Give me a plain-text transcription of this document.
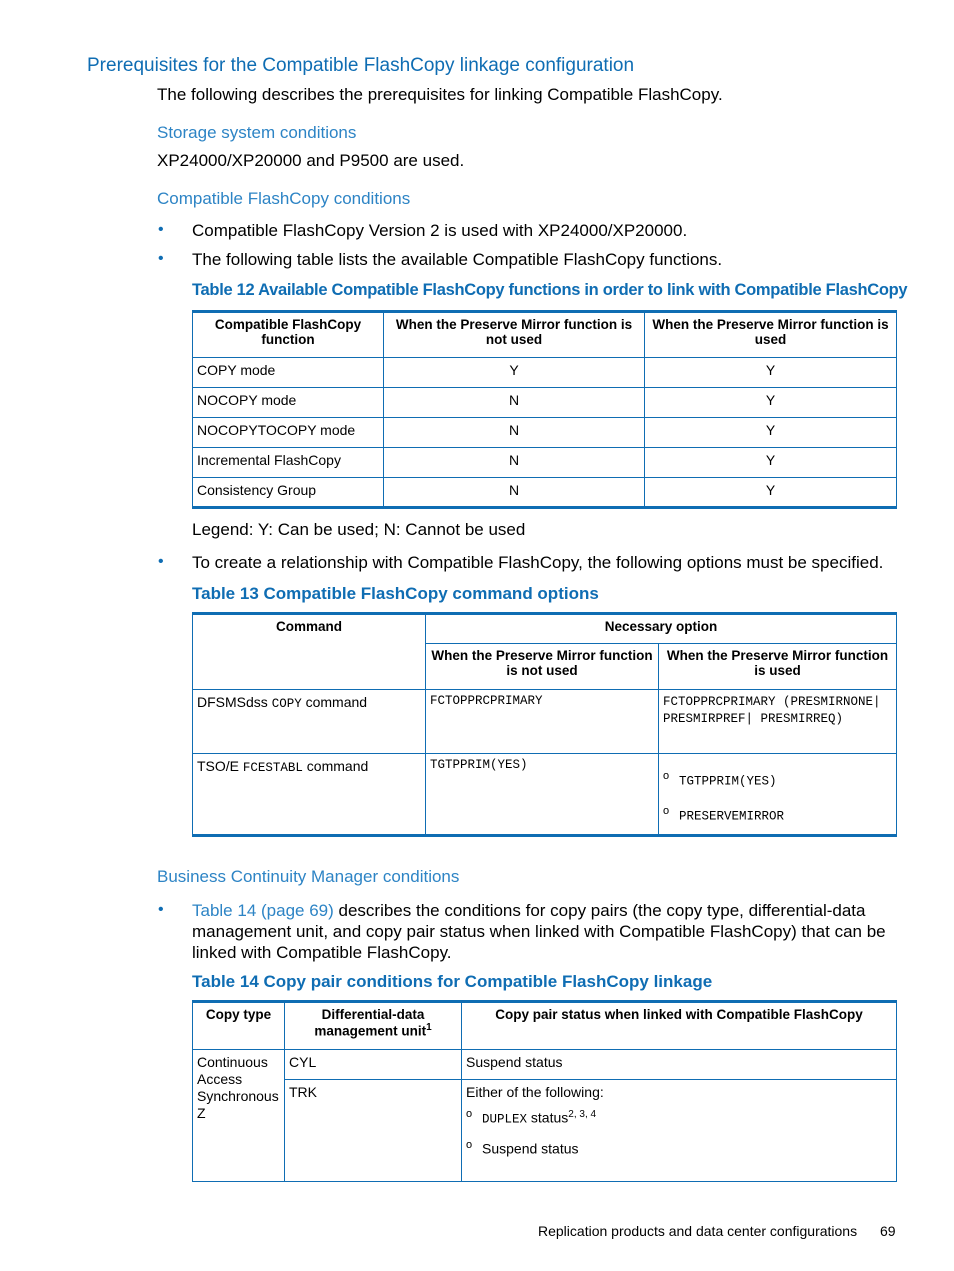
Prerequisites for the Compatible FlashCopy linkage configuration
The following describes the prerequisites for linking Compatible FlashCopy.
Storage system conditions
XP24000/XP20000 and P9500 are used.
Compatible FlashCopy conditions
• Compatible FlashCopy Version 2 is used with XP24000/XP20000.
• The following table lists the available Compatible FlashCopy functions.
Table 12 Available Compatible FlashCopy functions in order to link with Compatible FlashCopy
Compatible FlashCopy function	When the Preserve Mirror function is not used	When the Preserve Mirror function is used
COPY mode	Y	Y
NOCOPY mode	N	Y
NOCOPYTOCOPY mode	N	Y
Incremental FlashCopy	N	Y
Consistency Group	N	Y
Legend: Y: Can be used; N: Cannot be used
• To create a relationship with Compatible FlashCopy, the following options must be specified.
Table 13 Compatible FlashCopy command options
Command	Necessary option	
	When the Preserve Mirror function is not used	When the Preserve Mirror function is used
DFSMSdss COPY command	FCTOPPRCPRIMARY	FCTOPPRCPRIMARY (PRESMIRNONE| PRESMIRPREF| PRESMIRREQ)
TSO/E FCESTABL command	TGTPPRIM(YES)	o TGTPPRIM(YES)
o PRESERVEMIRROR
Business Continuity Manager conditions
• Table 14 (page 69) describes the conditions for copy pairs (the copy type, differential-data management unit, and copy pair status when linked with Compatible FlashCopy) that can be linked with Compatible FlashCopy.
Table 14 Copy pair conditions for Compatible FlashCopy linkage
Copy type	Differential-data management unit$^1$	Copy pair status when linked with Compatible FlashCopy
Continuous Access Synchronous Z	CYL	Suspend status
	TRK	Either of the following:
o DUPLEX status$^{2, 3, 4}$
o Suspend status
Replication products and data center configurations 69
